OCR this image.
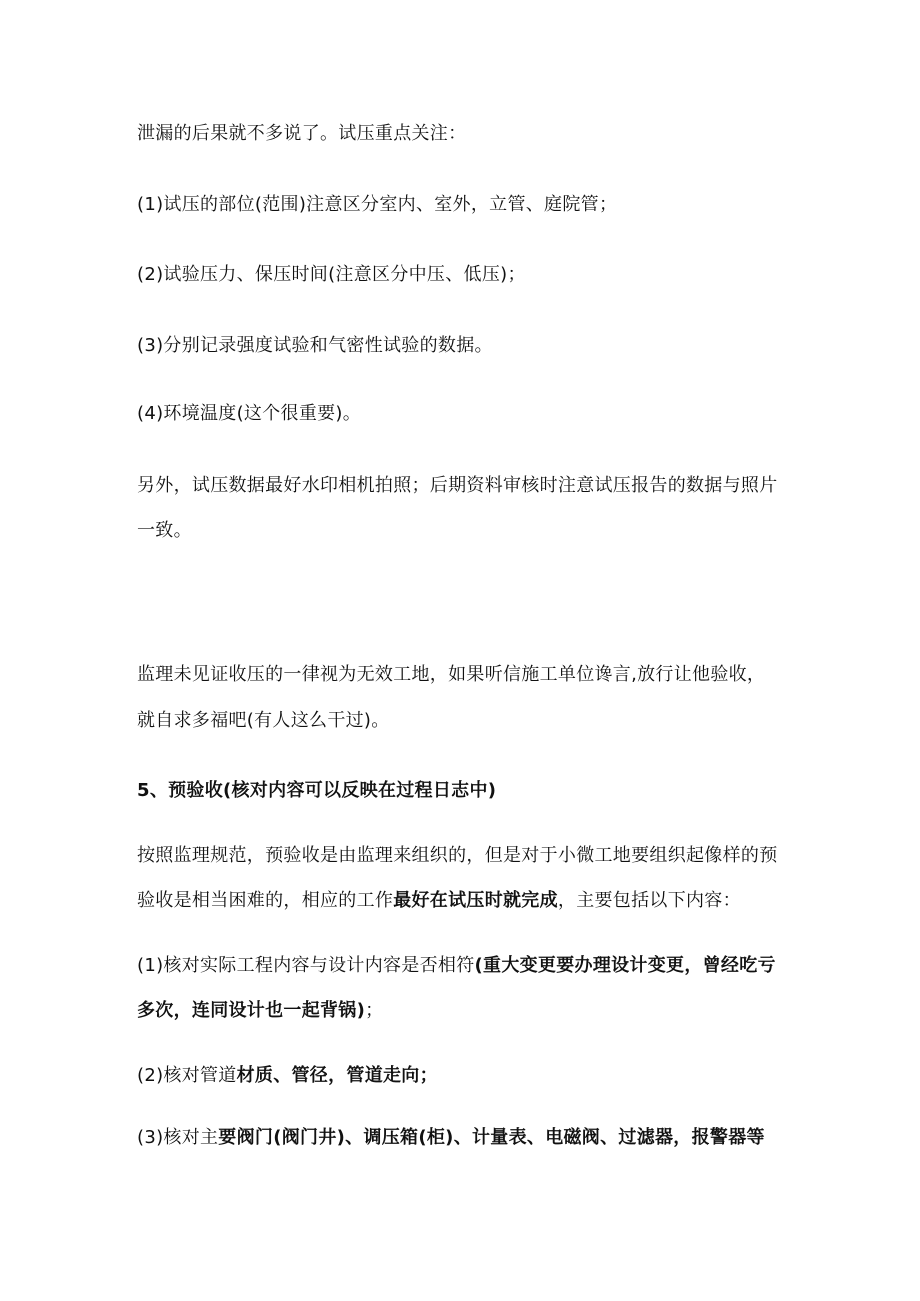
泄漏的后果就不多说了。试压重点关注：
(1)试压的部位(范围)注意区分室内、室外，立管、庭院管；
(2)试验压力、保压时间(注意区分中压、低压)；
(3)分别记录强度试验和气密性试验的数据。
(4)环境温度(这个很重要)。
另外，试压数据最好水印相机拍照；后期资料审核时注意试压报告的数据与照片
一致。
监理未见证收压的一律视为无效工地，如果听信施工单位谗言,放行让他验收，
就自求多福吧(有人这么干过)。
5、预验收(核对内容可以反映在过程日志中)
按照监理规范，预验收是由监理来组织的，但是对于小微工地要组织起像样的预
验收是相当困难的，相应的工作最好在试压时就完成，主要包括以下内容：
(1)核对实际工程内容与设计内容是否相符(重大变更要办理设计变更，曾经吃亏
多次，连同设计也一起背锅)；
(2)核对管道材质、管径，管道走向；
(3)核对主要阀门(阀门井)、调压箱(柜)、计量表、电磁阀、过滤器，报警器等
